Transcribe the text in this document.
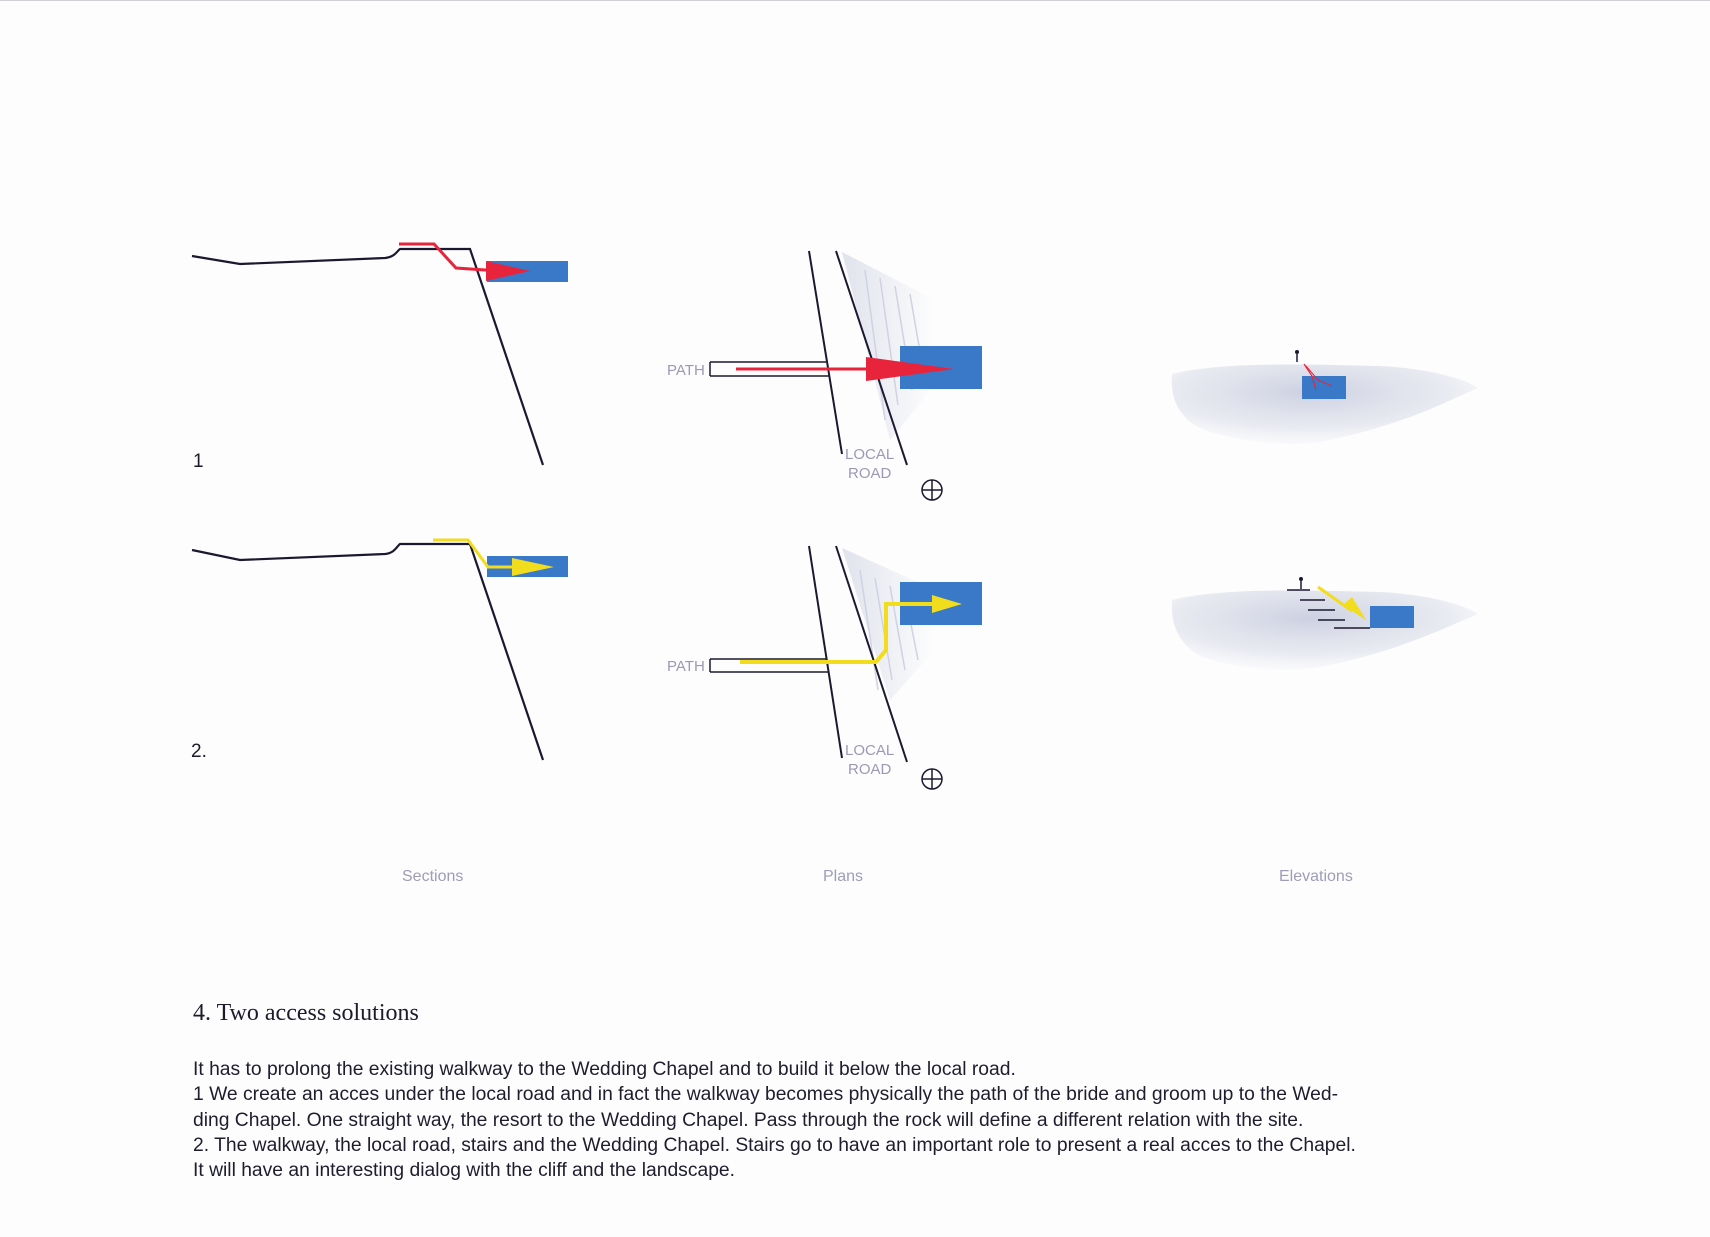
1
2.
PATH
LOCAL
ROAD
PATH
LOCAL
ROAD
Sections	Plans	Elevations
4. Two access solutions
It has to prolong the existing walkway to the Wedding Chapel and to build it below the local road.
1 We create an acces under the local road and in fact the walkway becomes physically the path of the bride and groom up to the Wed-
ding Chapel. One straight way, the resort to the Wedding Chapel. Pass through the rock will define a different relation with the site.
2. The walkway, the local road, stairs and the Wedding Chapel. Stairs go to have an important role to present a real acces to the Chapel.
It will have an interesting dialog with the cliff and the landscape.
